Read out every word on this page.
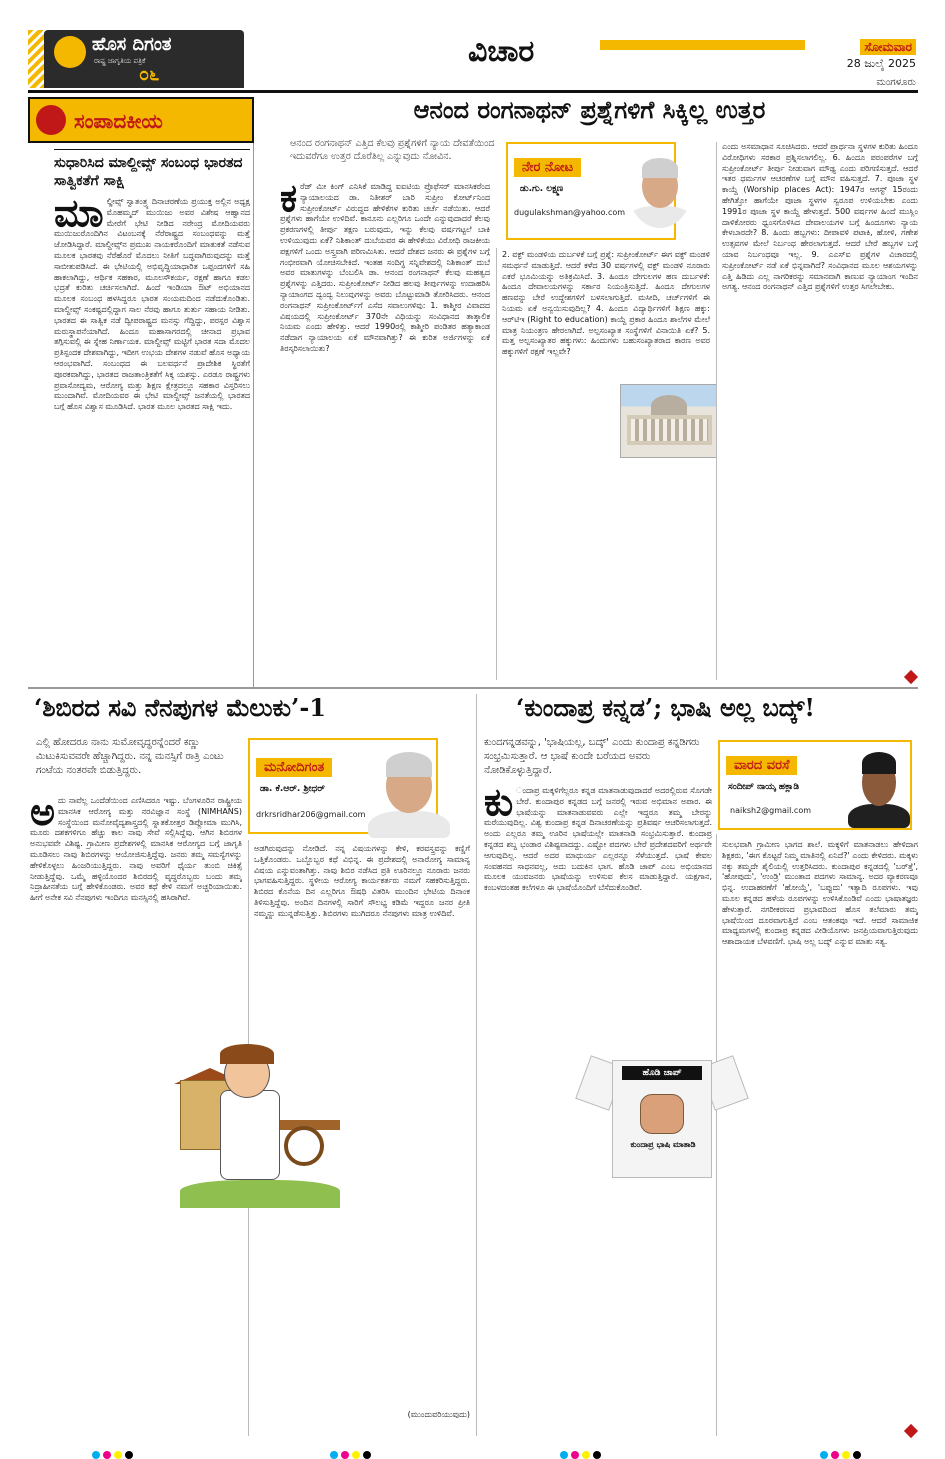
ಹೊಸ ದಿಗಂತ
ರಾಷ್ಟ್ರ ಜಾಗೃತಿಯ ಪತ್ರಿಕೆ
೦೬
ವಿಚಾರ	ಸೋಮವಾರ
28 ಜುಲೈ 2025
ಮಂಗಳೂರು
ಸಂಪಾದಕೀಯ
ಸುಧಾರಿಸಿದ ಮಾಲ್ದೀವ್ಸ್ ಸಂಬಂಧ ಭಾರತದ ಸಾತ್ವಿಕತೆಗೆ ಸಾಕ್ಷಿ
ಮಾ ಲ್ಡೀವ್ಸ್ ಸ್ವಾತಂತ್ರ್ಯ ದಿನಾಚರಣೆಯ ಪ್ರಯುಕ್ತ ಅಲ್ಲಿನ ಅಧ್ಯಕ್ಷ ಮೊಹಮ್ಮದ್ ಮುಯಿಜು ಅವರ ವಿಶೇಷ ಆಹ್ವಾನದ ಮೇರೆಗೆ ಭೇಟಿ ನೀಡಿದ ನರೇಂದ್ರ ಮೋದಿಯವರು ಮುಯಿಜುರೊಂದಿಗಿನ ವಿಟಂಬನಕ್ಕೆ ನೆರೆರಾಷ್ಟ್ರದ ಸಂಬಂಧವನ್ನು ಮತ್ತೆ ಜೋಡಿಸಿದ್ದಾರೆ. ಮಾಲ್ದೀವ್ಸ್‌ನ ಪ್ರಮುಖ ನಾಯಕರೊಂದಿಗೆ ಮಾತುಕತೆ ನಡೆಸುವ ಮೂಲಕ ಭಾರತವು ನೆರೆಹೊರೆ ಮೊದಲು ನೀತಿಗೆ ಬದ್ಧವಾಗಿರುವುದನ್ನು ಮತ್ತೆ ಸಾಬೀತುಪಡಿಸಿದೆ. ಈ ಭೇಟಿಯಲ್ಲಿ ಅಭಿವೃದ್ಧಿಯಾಧಾರಿತ ಒಪ್ಪಂದಗಳಿಗೆ ಸಹಿ ಹಾಕಲಾಗಿದ್ದು, ಆರ್ಥಿಕ ಸಹಕಾರ, ಮೂಲಸೌಕರ್ಯ, ರಕ್ಷಣೆ ಹಾಗೂ ಕಡಲ ಭದ್ರತೆ ಕುರಿತು ಚರ್ಚಿಸಲಾಗಿದೆ. ಹಿಂದೆ ಇಂಡಿಯಾ ಔಟ್ ಅಭಿಯಾನದ ಮೂಲಕ ಸಂಬಂಧ ಹಳಸಿದ್ದರೂ ಭಾರತ ಸಂಯಮದಿಂದ ನಡೆದುಕೊಂಡಿತು. ಮಾಲ್ದೀವ್ಸ್ ಸಂಕಷ್ಟದಲ್ಲಿದ್ದಾಗ ಸಾಲ ನೆರವು ಹಾಗೂ ತುರ್ತು ಸಹಾಯ ನೀಡಿತು. ಭಾರತದ ಈ ಸಾತ್ವಿಕ ನಡೆ ದ್ವೀಪರಾಷ್ಟ್ರದ ಮನಸ್ಸು ಗೆದ್ದಿದ್ದು, ಪರಸ್ಪರ ವಿಶ್ವಾಸ ಮರುಸ್ಥಾಪನೆಯಾಗಿದೆ. ಹಿಂದೂ ಮಹಾಸಾಗರದಲ್ಲಿ ಚೀನಾದ ಪ್ರಭಾವ ತಗ್ಗಿಸುವಲ್ಲಿ ಈ ಸ್ನೇಹ ನಿರ್ಣಾಯಕ. ಮಾಲ್ದೀವ್ಸ್ ಮಟ್ಟಿಗೆ ಭಾರತ ಸದಾ ಮೊದಲ ಪ್ರತಿಸ್ಪಂದಕ ದೇಶವಾಗಿದ್ದು, ಇದೀಗ ಉಭಯ ದೇಶಗಳ ನಡುವೆ ಹೊಸ ಅಧ್ಯಾಯ ಆರಂಭವಾಗಿದೆ. ಸಂಬಂಧದ ಈ ಬಲವರ್ಧನೆ ಪ್ರಾದೇಶಿಕ ಸ್ಥಿರತೆಗೆ ಪೂರಕವಾಗಿದ್ದು, ಭಾರತದ ರಾಜತಾಂತ್ರಿಕತೆಗೆ ಸಿಕ್ಕ ಯಶಸ್ಸು. ಎರಡೂ ರಾಷ್ಟ್ರಗಳು ಪ್ರವಾಸೋದ್ಯಮ, ಆರೋಗ್ಯ ಮತ್ತು ಶಿಕ್ಷಣ ಕ್ಷೇತ್ರದಲ್ಲೂ ಸಹಕಾರ ವಿಸ್ತರಿಸಲು ಮುಂದಾಗಿವೆ. ಮೋದಿಯವರ ಈ ಭೇಟಿ ಮಾಲ್ದೀವ್ಸ್ ಜನತೆಯಲ್ಲಿ ಭಾರತದ ಬಗ್ಗೆ ಹೊಸ ವಿಶ್ವಾಸ ಮೂಡಿಸಿದೆ. ಭಾರತ ಮೂಲ ಭಾರತದ ಸಾಕ್ಷಿ ಇದು.
ಆನಂದ ರಂಗನಾಥನ್ ಪ್ರಶ್ನೆಗಳಿಗೆ ಸಿಕ್ಕಿಲ್ಲ ಉತ್ತರ
ಆನಂದ ರಂಗನಾಥನ್ ಎತ್ತಿದ ಕೆಲವು ಪ್ರಶ್ನೆಗಳಿಗೆ ನ್ಯಾಯ ದೇವತೆಯಿಂದ ಇದುವರೆಗೂ ಉತ್ತರ ದೊರೆತಿಲ್ಲ ಎನ್ನುವುದು ನೋವಿನ.
ನೇರ ನೋಟ
ಡು.ಗು. ಲಕ್ಷ್ಮಣ
dugulakshman@yahoo.com
ಕ ರೆಡ್ ಮೀ ಕಿಂಗ್ ಎನಿಸಿಕೆ ಮಾಡಿದ್ದ ಐಐಟಿಯ ಪ್ರೊಫೆಸರ್ ಮಾನಸಿಕರೆಂದ ನ್ಯಾಯಾಲಯದ ಡಾ. ನಿತೀಶರ್ ಬಾರಿ ಸುಪ್ರೀಂ ಕೋರ್ಟ್‌ನಿಂದ ಸುಪ್ರೀಂಕೋರ್ಟ್ ವಿರುದ್ಧದ ಹೇಳಿಕೆಗಳ ಕುರಿತು ಚರ್ಚೆ ನಡೆಯಿತು. ಆದರೆ ಪ್ರಶ್ನೆಗಳು ಹಾಗೆಯೇ ಉಳಿದಿವೆ. ಕಾನೂನು ಎಲ್ಲರಿಗೂ ಒಂದೇ ಎನ್ನುವುದಾದರೆ ಕೆಲವು ಪ್ರಕರಣಗಳಲ್ಲಿ ತೀರ್ಪು ತಕ್ಷಣ ಬರುವುದು, ಇನ್ನು ಕೆಲವು ವರ್ಷಗಟ್ಟಲೆ ಬಾಕಿ ಉಳಿಯುವುದು ಏಕೆ? ನಿಶಿಕಾಂತ್ ದುಬೆಯವರ ಈ ಹೇಳಿಕೆಯು ವಿರೋಧಿ ರಾಜಕೀಯ ಪಕ್ಷಗಳಿಗೆ ಒಂದು ಅಸ್ತ್ರವಾಗಿ ಪರಿಣಮಿಸಿತು. ಆದರೆ ದೇಶದ ಜನರು ಈ ಪ್ರಶ್ನೆಗಳ ಬಗ್ಗೆ ಗಂಭೀರವಾಗಿ ಯೋಚಿಸಬೇಕಿದೆ. ಇಂತಹ ಸಂದಿಗ್ಧ ಸನ್ನಿವೇಶದಲ್ಲಿ ನಿಶಿಕಾಂತ್ ದುಬೆ ಅವರ ಮಾತುಗಳನ್ನು ಬೆಂಬಲಿಸಿ ಡಾ. ಆನಂದ ರಂಗನಾಥನ್ ಕೆಲವು ಮಹತ್ವದ ಪ್ರಶ್ನೆಗಳನ್ನು ಎತ್ತಿದರು. ಸುಪ್ರೀಂಕೋರ್ಟ್ ನೀಡಿದ ಹಲವು ತೀರ್ಪುಗಳನ್ನು ಉದಾಹರಿಸಿ ನ್ಯಾಯಾಂಗದ ದ್ವಂದ್ವ ನಿಲುವುಗಳನ್ನು ಅವರು ಬೊಟ್ಟುಮಾಡಿ ತೋರಿಸಿದರು. ಆನಂದ ರಂಗನಾಥನ್ ಸುಪ್ರೀಂಕೋರ್ಟ್‌ಗೆ ಎಸೆದ ಸವಾಲುಗಳಿವು: 1. ಕಾಶ್ಮೀರ ವಿವಾದದ ವಿಷಯದಲ್ಲಿ ಸುಪ್ರೀಂಕೋರ್ಟ್ 370ನೇ ವಿಧಿಯನ್ನು ಸಂವಿಧಾನದ ತಾತ್ಕಾಲಿಕ ನಿಯಮ ಎಂದು ಹೇಳಿತ್ತು. ಆದರೆ 1990ರಲ್ಲಿ ಕಾಶ್ಮೀರಿ ಪಂಡಿತರ ಹತ್ಯಾಕಾಂಡ ನಡೆದಾಗ ನ್ಯಾಯಾಲಯ ಏಕೆ ಮೌನವಾಗಿತ್ತು? ಈ ಕುರಿತ ಅರ್ಜಿಗಳನ್ನು ಏಕೆ ತಿರಸ್ಕರಿಸಲಾಯಿತು?
2. ವಕ್ಫ್ ಮಂಡಳಿಯ ದುರ್ಬಳಕೆ ಬಗ್ಗೆ ಪ್ರಶ್ನೆ: ಸುಪ್ರೀಂಕೋರ್ಟ್ ಈಗ ವಕ್ಫ್ ಮಂಡಳಿ ಸಮರ್ಥನೆ ಮಾಡುತ್ತಿದೆ. ಆದರೆ ಕಳೆದ 30 ವರ್ಷಗಳಲ್ಲಿ ವಕ್ಫ್ ಮಂಡಳಿ ನೂರಾರು ಎಕರೆ ಭೂಮಿಯನ್ನು ಅತಿಕ್ರಮಿಸಿದೆ. 3. ಹಿಂದೂ ದೇಗುಲಗಳ ಹಣ ದುರ್ಬಳಕೆ: ಹಿಂದೂ ದೇವಾಲಯಗಳನ್ನು ಸರ್ಕಾರ ನಿಯಂತ್ರಿಸುತ್ತಿದೆ. ಹಿಂದೂ ದೇಗುಲಗಳ ಹಣವನ್ನು ಬೇರೆ ಉದ್ದೇಶಗಳಿಗೆ ಬಳಸಲಾಗುತ್ತಿದೆ. ಮಸೀದಿ, ಚರ್ಚ್‌ಗಳಿಗೆ ಈ ನಿಯಮ ಏಕೆ ಅನ್ವಯಿಸುವುದಿಲ್ಲ? 4. ಹಿಂದೂ ವಿದ್ಯಾರ್ಥಿಗಳಿಗೆ ಶಿಕ್ಷಣ ಹಕ್ಕು: ಆರ್‌ಟಿಇ (Right to education) ಕಾಯ್ದೆ ಪ್ರಕಾರ ಹಿಂದೂ ಶಾಲೆಗಳ ಮೇಲೆ ಮಾತ್ರ ನಿಯಂತ್ರಣ ಹೇರಲಾಗಿದೆ. ಅಲ್ಪಸಂಖ್ಯಾತ ಸಂಸ್ಥೆಗಳಿಗೆ ವಿನಾಯಿತಿ ಏಕೆ? 5. ಮತ್ತ ಅಲ್ಪಸಂಖ್ಯಾತರ ಹಕ್ಕುಗಳು: ಹಿಂದುಗಳು ಬಹುಸಂಖ್ಯಾತರಾದ ಕಾರಣ ಅವರ ಹಕ್ಕುಗಳಿಗೆ ರಕ್ಷಣೆ ಇಲ್ಲವೇ?
ಎಂದು ಅಸಮಾಧಾನ ಸೂಚಿಸಿದರು. ಆದರೆ ಪ್ರಾರ್ಥನಾ ಸ್ಥಳಗಳ ಕುರಿತು ಹಿಂದೂ ವಿರೋಧಿಗಳು ಸರಕಾರ ಪ್ರಶ್ನಿಸಲಾಗಲಿಲ್ಲ. 6. ಹಿಂದೂ ಪರಂಪರೆಗಳ ಬಗ್ಗೆ ಸುಪ್ರೀಂಕೋರ್ಟ್ ತೀರ್ಪು ನೀಡುವಾಗ ಮೌಢ್ಯ ಎಂದು ಪರಿಗಣಿಸುತ್ತದೆ. ಆದರೆ ಇತರ ಧರ್ಮಗಳ ಆಚರಣೆಗಳ ಬಗ್ಗೆ ಮೌನ ವಹಿಸುತ್ತದೆ. 7. ಪೂಜಾ ಸ್ಥಳ ಕಾಯ್ದೆ (Worship places Act): 1947ರ ಆಗಸ್ಟ್ 15ರಂದು ಹೇಗಿತ್ತೋ ಹಾಗೆಯೇ ಪೂಜಾ ಸ್ಥಳಗಳ ಸ್ವರೂಪ ಉಳಿಯಬೇಕು ಎಂದು 1991ರ ಪೂಜಾ ಸ್ಥಳ ಕಾಯ್ದೆ ಹೇಳುತ್ತದೆ. 500 ವರ್ಷಗಳ ಹಿಂದೆ ಮುಸ್ಲಿಂ ದಾಳಿಕೋರರು ಧ್ವಂಸಗೊಳಿಸಿದ ದೇವಾಲಯಗಳ ಬಗ್ಗೆ ಹಿಂದೂಗಳು ನ್ಯಾಯ ಕೇಳಬಾರದೇ? 8. ಹಿಂದು ಹಬ್ಬಗಳು: ದೀಪಾವಳಿ ಪಟಾಕಿ, ಹೋಳಿ, ಗಣೇಶ ಉತ್ಸವಗಳ ಮೇಲೆ ನಿರ್ಬಂಧ ಹೇರಲಾಗುತ್ತದೆ. ಆದರೆ ಬೇರೆ ಹಬ್ಬಗಳ ಬಗ್ಗೆ ಯಾವ ನಿರ್ಬಂಧವೂ ಇಲ್ಲ. 9. ಎಎಸ್‌ಐ ಪ್ರಶ್ನೆಗಳ ವಿಚಾರದಲ್ಲಿ ಸುಪ್ರೀಂಕೋರ್ಟ್ ನಡೆ ಏಕೆ ಭಿನ್ನವಾಗಿದೆ? ಸಂವಿಧಾನದ ಮೂಲ ಆಶಯಗಳನ್ನು ಎತ್ತಿ ಹಿಡಿದು ಎಲ್ಲ ನಾಗರಿಕರನ್ನು ಸಮಾನವಾಗಿ ಕಾಣುವ ನ್ಯಾಯಾಂಗ ಇಂದಿನ ಅಗತ್ಯ. ಆನಂದ ರಂಗನಾಥನ್ ಎತ್ತಿದ ಪ್ರಶ್ನೆಗಳಿಗೆ ಉತ್ತರ ಸಿಗಲೇಬೇಕು.
‘ಶಿಬಿರದ ಸವಿ ನೆನಪುಗಳ ಮೆಲುಕು’-1
ಎಲ್ಲಿ ಹೋದರೂ ನಾನು ಸುಮೋವೃದ್ಧರನ್ನೆಂದರೆ ಕಣ್ಣು ಮಿಟುಕಿಸುವವರೇ ಹೆಚ್ಚಾಗಿದ್ದರು. ನನ್ನ ಮನಸ್ಸಿಗೆ ರಾತ್ರಿ ಎಂಟು ಗಂಟೆಯ ನಂತರವೇ ಬಿಡುತ್ತಿದ್ದರು.	ಮನೋದಿಗಂತ
ಡಾ. ಕೆ.ಆರ್. ಶ್ರೀಧರ್
drkrsridhar206@gmail.com
ಅ ದು ನಾವೆಲ್ಲ ಒಂದೆಡೆಯಿಂದ ಎಣಿಸಿದರೂ ಇಷ್ಟು. ಬೆಂಗಳೂರಿನ ರಾಷ್ಟ್ರೀಯ ಮಾನಸಿಕ ಆರೋಗ್ಯ ಮತ್ತು ನರವಿಜ್ಞಾನ ಸಂಸ್ಥೆ (NIMHANS) ಸಂಸ್ಥೆಯಿಂದ ಮನೋವೈದ್ಯಶಾಸ್ತ್ರದಲ್ಲಿ ಸ್ನಾತಕೋತ್ತರ ಡಿಪ್ಲೋಮಾ ಮುಗಿಸಿ, ಮೂರು ದಶಕಗಳಿಗೂ ಹೆಚ್ಚು ಕಾಲ ನಾವು ಸೇವೆ ಸಲ್ಲಿಸಿದ್ದೆವು. ಆಗಿನ ಶಿಬಿರಗಳ ಅನುಭವವೇ ವಿಶಿಷ್ಟ. ಗ್ರಾಮೀಣ ಪ್ರದೇಶಗಳಲ್ಲಿ ಮಾನಸಿಕ ಆರೋಗ್ಯದ ಬಗ್ಗೆ ಜಾಗೃತಿ ಮೂಡಿಸಲು ನಾವು ಶಿಬಿರಗಳನ್ನು ಆಯೋಜಿಸುತ್ತಿದ್ದೆವು. ಜನರು ತಮ್ಮ ಸಮಸ್ಯೆಗಳನ್ನು ಹೇಳಿಕೊಳ್ಳಲು ಹಿಂಜರಿಯುತ್ತಿದ್ದರು. ನಾವು ಅವರಿಗೆ ಧೈರ್ಯ ತುಂಬಿ ಚಿಕಿತ್ಸೆ ನೀಡುತ್ತಿದ್ದೆವು. ಒಮ್ಮೆ ಹಳ್ಳಿಯೊಂದರ ಶಿಬಿರದಲ್ಲಿ ವೃದ್ಧರೊಬ್ಬರು ಬಂದು ತಮ್ಮ ನಿದ್ರಾಹೀನತೆಯ ಬಗ್ಗೆ ಹೇಳಿಕೊಂಡರು. ಅವರ ಕಥೆ ಕೇಳಿ ನಮಗೆ ಅಚ್ಚರಿಯಾಯಿತು. ಹೀಗೆ ಅನೇಕ ಸವಿ ನೆನಪುಗಳು ಇಂದಿಗೂ ಮನಸ್ಸಿನಲ್ಲಿ ಹಸಿರಾಗಿವೆ.
ಅಡಗಿರುವುದನ್ನು ನೋಡಿದೆ. ನನ್ನ ವಿಷಯಗಳನ್ನು ಕೇಳಿ, ಕರವಸ್ತ್ರವನ್ನು ಕಣ್ಣಿಗೆ ಒತ್ತಿಕೊಂಡರು. ಒಬ್ಬೊಬ್ಬರ ಕಥೆ ವಿಭಿನ್ನ. ಈ ಪ್ರದೇಶದಲ್ಲಿ ಅನಾರೋಗ್ಯ ಸಾಮಾನ್ಯ ವಿಷಯ ಎನ್ನುವಂತಾಗಿತ್ತು. ನಾವು ಶಿಬಿರ ನಡೆಸಿದ ಪ್ರತಿ ಊರಿನಲ್ಲೂ ನೂರಾರು ಜನರು ಭಾಗವಹಿಸುತ್ತಿದ್ದರು. ಸ್ಥಳೀಯ ಆರೋಗ್ಯ ಕಾರ್ಯಕರ್ತರು ನಮಗೆ ಸಹಕರಿಸುತ್ತಿದ್ದರು. ಶಿಬಿರದ ಕೊನೆಯ ದಿನ ಎಲ್ಲರಿಗೂ ಔಷಧಿ ವಿತರಿಸಿ ಮುಂದಿನ ಭೇಟಿಯ ದಿನಾಂಕ ತಿಳಿಸುತ್ತಿದ್ದೆವು. ಅಂದಿನ ದಿನಗಳಲ್ಲಿ ಸಾರಿಗೆ ಸೌಲಭ್ಯ ಕಡಿಮೆ ಇದ್ದರೂ ಜನರ ಪ್ರೀತಿ ನಮ್ಮನ್ನು ಮುನ್ನಡೆಸುತ್ತಿತ್ತು. ಶಿಬಿರಗಳು ಮುಗಿದರೂ ನೆನಪುಗಳು ಮಾತ್ರ ಉಳಿದಿವೆ.
(ಮುಂದುವರಿಯುವುದು)
‘ಕುಂದಾಪ್ರ ಕನ್ನಡ’; ಭಾಷಿ ಅಲ್ಲ ಬದ್ಕ್!
ಕುಂದಗನ್ನಡವನ್ನು, 'ಭಾಷಿಯಲ್ಲ, ಬದ್ಕ್' ಎಂದು ಕುಂದಾಪ್ರ ಕನ್ನಡಿಗರು ಸಂಭ್ರಮಿಸುತ್ತಾರೆ. ಆ ಭಾಷೆ ಕುಂದೇ ಬರೆಯದ ಅವರು ನೋಡಿಕೊಳ್ಳುತ್ತಿದ್ದಾರೆ.	ವಾರದ ವರಸೆ
ಸಂದೀಪ್ ನಾಯ್ಕ ಹಕ್ಲಾಡಿ
naiksh2@gmail.com
ಕು ಂದಾಪ್ರ ಮಕ್ಕಳಿಗೆಲ್ಲರೂ ಕನ್ನಡ ಮಾತನಾಡುವುದಾದರೆ ಅದರಲ್ಲಿರುವ ಸೊಗಡೇ ಬೇರೆ. ಕುಂದಾಪುರ ಕನ್ನಡದ ಬಗ್ಗೆ ಜನರಲ್ಲಿ ಇರುವ ಅಭಿಮಾನ ಅಪಾರ. ಈ ಭಾಷೆಯನ್ನು ಮಾತನಾಡುವವರು ಎಲ್ಲೇ ಇದ್ದರೂ ತಮ್ಮ ಬೇರನ್ನು ಮರೆಯುವುದಿಲ್ಲ. ವಿಶ್ವ ಕುಂದಾಪ್ರ ಕನ್ನಡ ದಿನಾಚರಣೆಯನ್ನು ಪ್ರತಿವರ್ಷ ಆಚರಿಸಲಾಗುತ್ತದೆ. ಅಂದು ಎಲ್ಲರೂ ತಮ್ಮ ಊರಿನ ಭಾಷೆಯಲ್ಲೇ ಮಾತನಾಡಿ ಸಂಭ್ರಮಿಸುತ್ತಾರೆ. ಕುಂದಾಪ್ರ ಕನ್ನಡದ ಶಬ್ದ ಭಂಡಾರ ವಿಶಿಷ್ಟವಾದದ್ದು. ಎಷ್ಟೋ ಪದಗಳು ಬೇರೆ ಪ್ರದೇಶದವರಿಗೆ ಅರ್ಥವೇ ಆಗುವುದಿಲ್ಲ. ಆದರೆ ಅದರ ಮಾಧುರ್ಯ ಎಲ್ಲರನ್ನೂ ಸೆಳೆಯುತ್ತದೆ. ಭಾಷೆ ಕೇವಲ ಸಂವಹನದ ಸಾಧನವಲ್ಲ, ಅದು ಬದುಕಿನ ಭಾಗ. ಹೊಡಿ ಜಾಪ್ ಎಂಬ ಅಭಿಯಾನದ ಮೂಲಕ ಯುವಜನರು ಭಾಷೆಯನ್ನು ಉಳಿಸುವ ಕೆಲಸ ಮಾಡುತ್ತಿದ್ದಾರೆ. ಯಕ್ಷಗಾನ, ಕಂಬಳದಂತಹ ಕಲೆಗಳೂ ಈ ಭಾಷೆಯೊಂದಿಗೆ ಬೆಸೆದುಕೊಂಡಿವೆ.
ಸುಲಭವಾಗಿ ಗ್ರಾಮೀಣ ಭಾಗದ ಶಾಲೆ. ಮಕ್ಕಳಿಗೆ ಮಾತನಾಡಲು ಹೇಳಿದಾಗ ಶಿಕ್ಷಕರು, 'ಈಗ ಕೊಟ್ಟರೆ ನಿಮ್ಮ ಮಾತಿನಲ್ಲಿ ಏನಿದೆ?' ಎಂದು ಕೇಳಿದರು. ಮಕ್ಕಳು ನಕ್ಕು ತಮ್ಮದೇ ಶೈಲಿಯಲ್ಲಿ ಉತ್ತರಿಸಿದರು. ಕುಂದಾಪುರ ಕನ್ನಡದಲ್ಲಿ 'ಬರ್‌ತ್ತೆ', 'ಹೋಪುದು', 'ಉಂಡ್ರಿ' ಮುಂತಾದ ಪದಗಳು ಸಾಮಾನ್ಯ. ಅದರ ವ್ಯಾಕರಣವೂ ಭಿನ್ನ. ಉದಾಹರಣೆಗೆ 'ಹೋಯ್ತೆ', 'ಬಪ್ಪುದು' ಇತ್ಯಾದಿ ರೂಪಗಳು. ಇವು ಮೂಲ ಕನ್ನಡದ ಹಳೆಯ ರೂಪಗಳನ್ನು ಉಳಿಸಿಕೊಂಡಿವೆ ಎಂದು ಭಾಷಾತಜ್ಞರು ಹೇಳುತ್ತಾರೆ. ನಗರೀಕರಣದ ಪ್ರಭಾವದಿಂದ ಹೊಸ ತಲೆಮಾರು ತಮ್ಮ ಭಾಷೆಯಿಂದ ದೂರವಾಗುತ್ತಿದೆ ಎಂಬ ಆತಂಕವೂ ಇದೆ. ಆದರೆ ಸಾಮಾಜಿಕ ಮಾಧ್ಯಮಗಳಲ್ಲಿ ಕುಂದಾಪ್ರ ಕನ್ನಡದ ವೀಡಿಯೊಗಳು ಜನಪ್ರಿಯವಾಗುತ್ತಿರುವುದು ಆಶಾದಾಯಕ ಬೆಳವಣಿಗೆ. ಭಾಷಿ ಅಲ್ಲ ಬದ್ಕ್ ಎನ್ನುವ ಮಾತು ಸತ್ಯ.
ಹೊಡಿ ಜಾಪ್
ಕುಂದಾಪ್ರ ಭಾಷಿ ಮಾತಾಡಿ
